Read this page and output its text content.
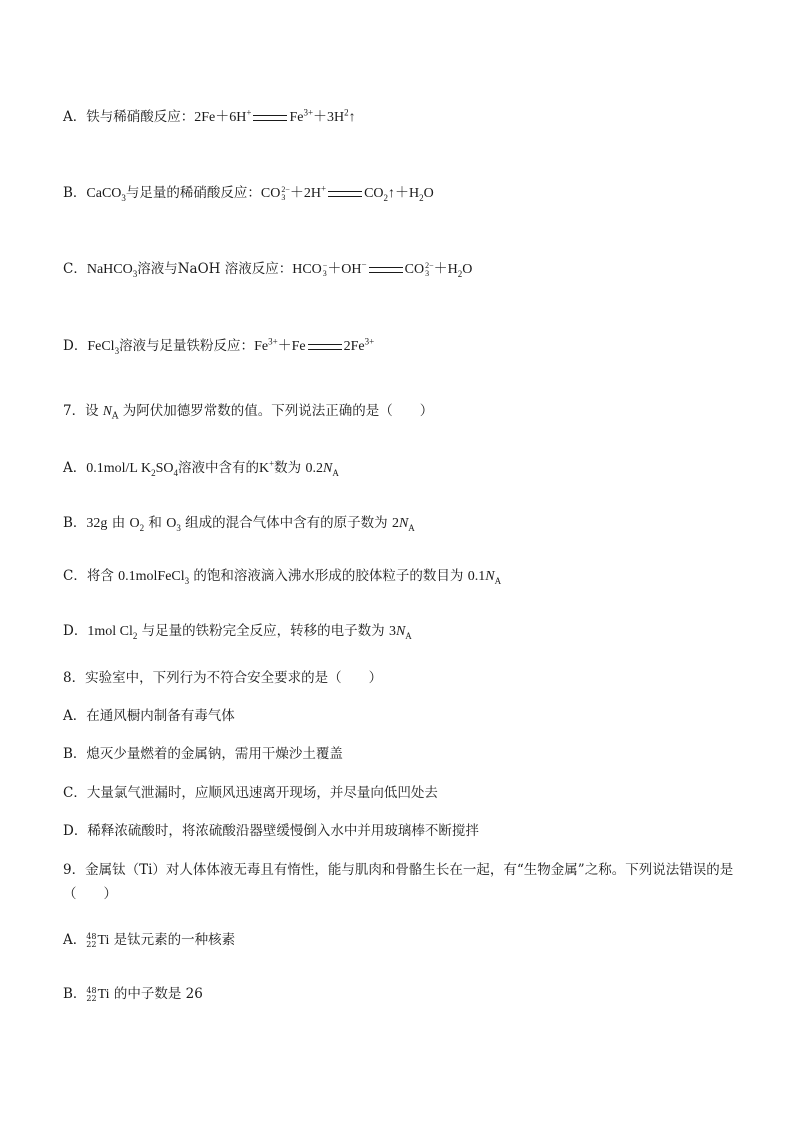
A．铁与稀硝酸反应：2Fe＋6H+	$Fe^{3+}+3H^2↑$
B．CaCO$_3$与足量的稀硝酸反应：CO 2−
3 ＋2H+	$CO_2↑+H_2O$
C．NaHCO$_3$溶液与NaOH 溶液反应：HCO −
3 ＋OH−	CO 2−
$3 +H_2O$
D．FeCl$_3$溶液与足量铁粉反应：$Fe^{3+}+Fe$	$2Fe^{3+}$
7．设 $N_A$ 为阿伏加德罗常数的值。下列说法正确的是（　　）
A．0.1mol/L $K_2SO_4$溶液中含有的K+数为 $0.2N_A$
B．32g 由 $O_2$ 和 $O_3$ 组成的混合气体中含有的原子数为 $2N_A$
C．将含 0.1molFeCl$_3$ 的饱和溶液滴入沸水形成的胶体粒子的数目为 $0.1N_A$
D．1mol $Cl_2$ 与足量的铁粉完全反应，转移的电子数为 $3N_A$
8．实验室中，下列行为不符合安全要求的是（　　）
A．在通风橱内制备有毒气体
B．熄灭少量燃着的金属钠，需用干燥沙土覆盖
C．大量氯气泄漏时，应顺风迅速离开现场，并尽量向低凹处去
D．稀释浓硫酸时，将浓硫酸沿器壁缓慢倒入水中并用玻璃棒不断搅拌
9．金属钛（Ti）对人体体液无毒且有惰性，能与肌肉和骨骼生长在一起，有“生物金属”之称。下列说法错误的是（　　）
A． 48
22 Ti 是钛元素的一种核素
B． 48
22 Ti 的中子数是 26
